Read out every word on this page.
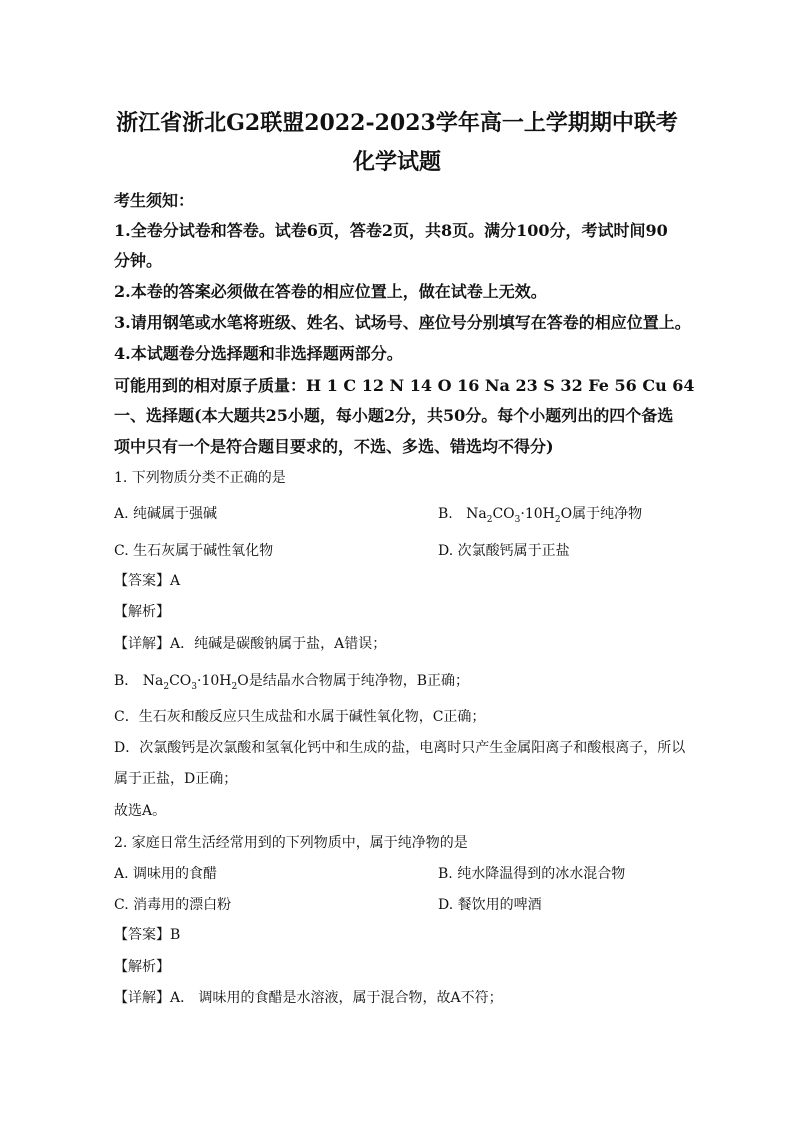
浙江省浙北G2联盟2022-2023学年高一上学期期中联考
化学试题
考生须知：
1.全卷分试卷和答卷。试卷6页，答卷2页，共8页。满分100分，考试时间90
分钟。
2.本卷的答案必须做在答卷的相应位置上，做在试卷上无效。
3.请用钢笔或水笔将班级、姓名、试场号、座位号分别填写在答卷的相应位置上。
4.本试题卷分选择题和非选择题两部分。
可能用到的相对原子质量：H 1 C 12 N 14 O 16 Na 23 S 32 Fe 56 Cu 64
一、选择题(本大题共25小题，每小题2分，共50分。每个小题列出的四个备选
项中只有一个是符合题目要求的，不选、多选、错选均不得分)
1. 下列物质分类不正确的是
A. 纯碱属于强碱	B.   $Na_2CO_3\cdot 10H_2O$属于纯净物
C. 生石灰属于碱性氧化物	D. 次氯酸钙属于正盐
【答案】A
【解析】
【详解】A．纯碱是碳酸钠属于盐，A错误；
B． $Na_2CO_3\cdot 10H_2O$是结晶水合物属于纯净物，B正确；
C．生石灰和酸反应只生成盐和水属于碱性氧化物，C正确；
D．次氯酸钙是次氯酸和氢氧化钙中和生成的盐，电离时只产生金属阳离子和酸根离子，所以
属于正盐，D正确；
故选A。
2. 家庭日常生活经常用到的下列物质中，属于纯净物的是
A. 调味用的食醋	B. 纯水降温得到的冰水混合物
C. 消毒用的漂白粉	D. 餐饮用的啤酒
【答案】B
【解析】
【详解】A． 调味用的食醋是水溶液，属于混合物，故A不符；
